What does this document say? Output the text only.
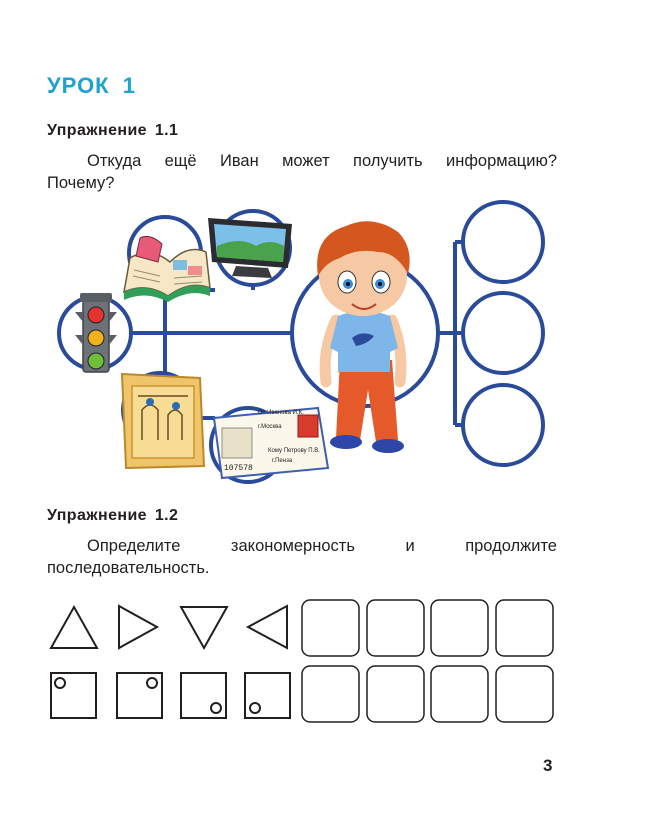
УРОК 1
Упражнение 1.1

Откуда ещё Иван может получить информацию? Почему?

От Иванова И.К.
г.Москва
Кому Петрову П.В.
г.Пенза
107578
Упражнение 1.2

Определите закономерность и продолжите последовательность.

3
